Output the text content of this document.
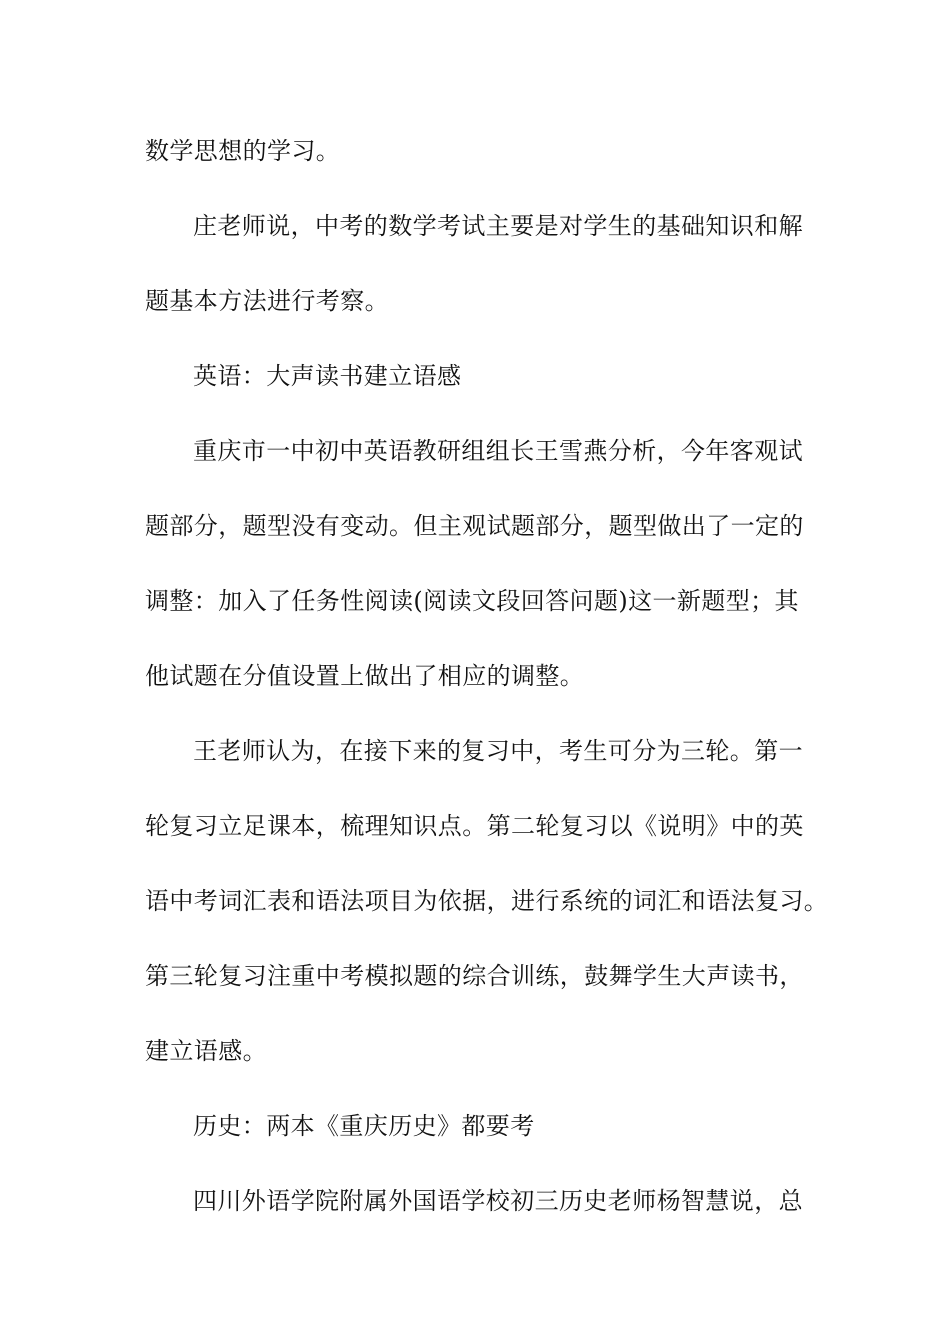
数学思想的学习。
庄老师说，中考的数学考试主要是对学生的基础知识和解
题基本方法进行考察。
英语：大声读书建立语感
重庆市一中初中英语教研组组长王雪燕分析，今年客观试
题部分，题型没有变动。但主观试题部分，题型做出了一定的
调整：加入了任务性阅读(阅读文段回答问题)这一新题型；其
他试题在分值设置上做出了相应的调整。
王老师认为，在接下来的复习中，考生可分为三轮。第一
轮复习立足课本，梳理知识点。第二轮复习以《说明》中的英
语中考词汇表和语法项目为依据，进行系统的词汇和语法复习。
第三轮复习注重中考模拟题的综合训练，鼓舞学生大声读书，
建立语感。
历史：两本《重庆历史》都要考
四川外语学院附属外国语学校初三历史老师杨智慧说，总
